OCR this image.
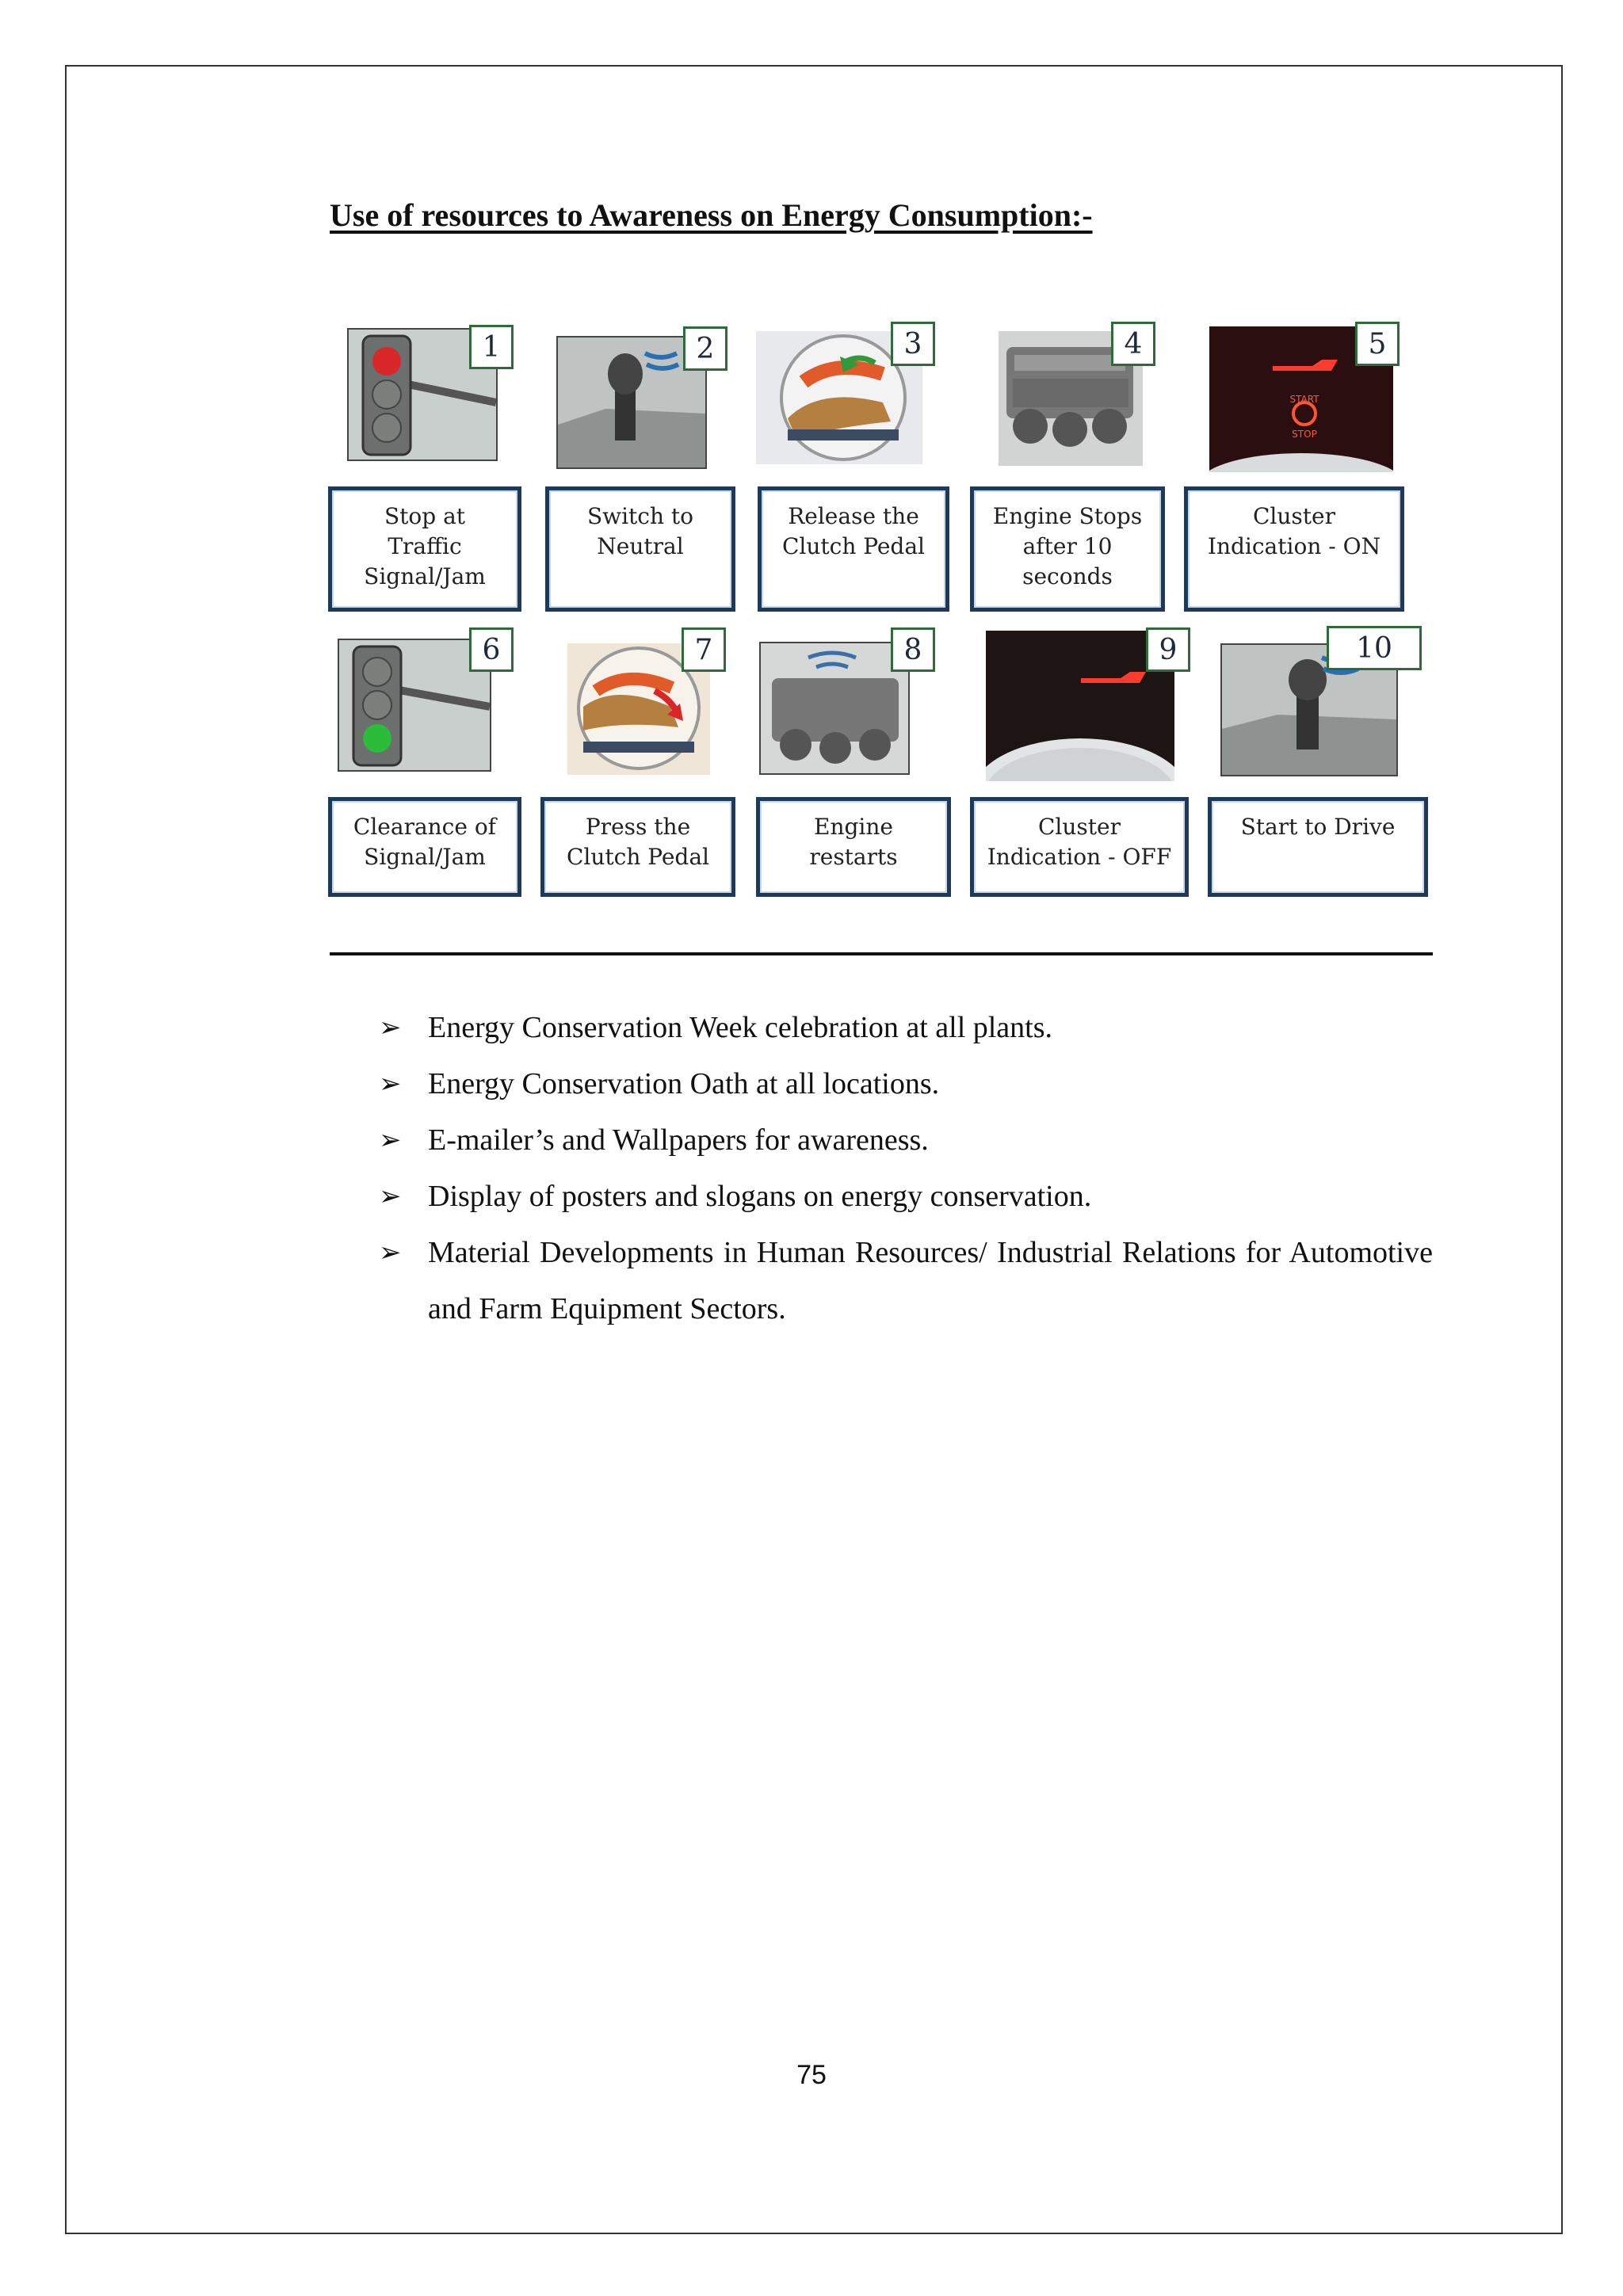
Use of resources to Awareness on Energy Consumption:-
1
Stop at
Traffic
Signal/Jam
2
Switch to
Neutral
3
Release the
Clutch Pedal
4
Engine Stops
after 10
seconds
START
STOP
5
Cluster
Indication - ON
6
Clearance of
Signal/Jam
7
Press the
Clutch Pedal
8
Engine
restarts
9
Cluster
Indication - OFF
10
Start to Drive
➢ Energy Conservation Week celebration at all plants.
➢ Energy Conservation Oath at all locations.
➢ E-mailer’s and Wallpapers for awareness.
➢ Display of posters and slogans on energy conservation.
➢ Material Developments in Human Resources/ Industrial Relations for Automotive and Farm Equipment Sectors.
75
